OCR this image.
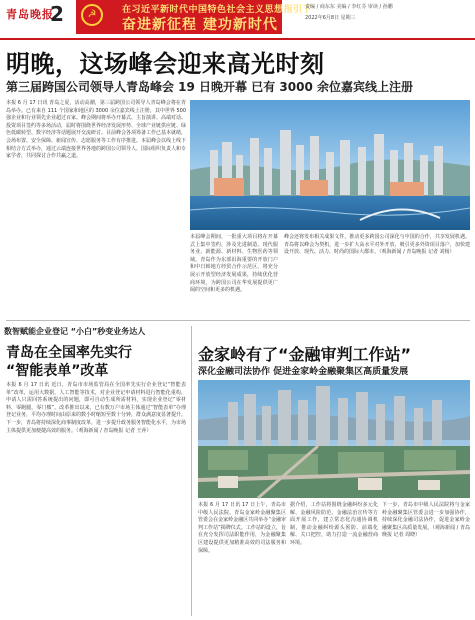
青岛晚报
2	☭	在习近平新时代中国特色社会主义思想指引下
奋进新征程 建功新时代
责编 / 商东东 美编 / 李红芬 审读 / 孙鹏
2022年6月8日 星期三
明晚，这场峰会迎来高光时刻
第三届跨国公司领导人青岛峰会 19 日晚开幕 已有 3000 余位嘉宾线上注册
本报 6 月 17 日讯 青岛之夏，活动高潮，第三届跨国公司领导人青岛峰会将在青岛举办。已有来自 111 个国家和地区的 3000 余位嘉宾线上注册，其中世界 500 强企业和行业领先企业超过百家。峰会期间将举办开幕式、主旨演讲、高端对话、投资项目签约等多场活动，届时将围绕世界经济发展形势、全球产业链供应链、绿色低碳转型、数字经济等话题展开交流研讨。目前峰会各项筹备工作已基本就绪，会场布置、安全保障、新闻宣传、志愿服务等工作有序推进。本届峰会以线上线下相结合方式举办，通过云端连接世界各地的跨国公司领导人、国际组织负责人和专家学者，共同探讨合作共赢之道。
本届峰会期间，一批重大项目将在开幕式上集中签约，涉及先进制造、现代服务业、新能源、新材料、生物医药等领域。青岛作为东部沿海重要的开放门户和中日韩地方经贸合作示范区，将充分展示开放型经济发展成果，持续优化营商环境，为跨国公司在华发展提供更广阔的空间和更多的机遇。
峰会还将发布相关成果文件，推动更多跨国公司深化与中国的合作，共享发展机遇。青岛将以峰会为契机，进一步扩大高水平对外开放，吸引更多外资项目落户，加快建设开放、现代、活力、时尚的国际大都市。（观海新闻 / 青岛晚报 记者 刘杨）
数智赋能企业登记 “小白”秒变业务达人
青岛在全国率先实行
“智能表单”改革
本报 6 月 17 日讯 近日，青岛市市场监管局在全国率先实行企业登记“智能表单”改革，运用大数据、人工智能等技术，对企业登记申请材料进行智能化重构，申请人只需回答系统提出的问题，即可自动生成所需材料，实现企业登记“零材料、零跑腿、零门槛”。改革推出以来，已有数万户市场主体通过“智能表单”办理登记业务，平均办理时间由原来的数小时缩短至数十分钟，群众满意度显著提升。下一步，青岛将持续深化商事制度改革，进一步提升政务服务智能化水平，为市场主体提供更加便捷高效的服务。（观海新闻 / 青岛晚报 记者 王萍）
金家岭有了“金融审判工作站”
深化金融司法协作 促进金家岭金融聚集区高质量发展
本报 6 月 17 日讯 17 日上午，青岛市中级人民法院、青岛金家岭金融聚集区管委会在金家岭金融区共同举办“金融审判工作站”揭牌仪式。工作站的设立，旨在充分发挥司法职能作用，为金融聚集区建设提供更加精准高效的司法服务和保障。
据介绍，工作站将围绕金融纠纷多元化解、金融风险防范、金融法治宣传等方面开展工作，建立常态化沟通协调机制，推动金融纠纷源头预防、前端化解、关口把控，助力打造一流金融营商环境。
下一步，青岛市中级人民法院将与金家岭金融聚集区管委会进一步加强协作，持续深化金融司法协作，促进金家岭金融聚集区高质量发展。（观海新闻 / 青岛晚报 记者 周晓）
